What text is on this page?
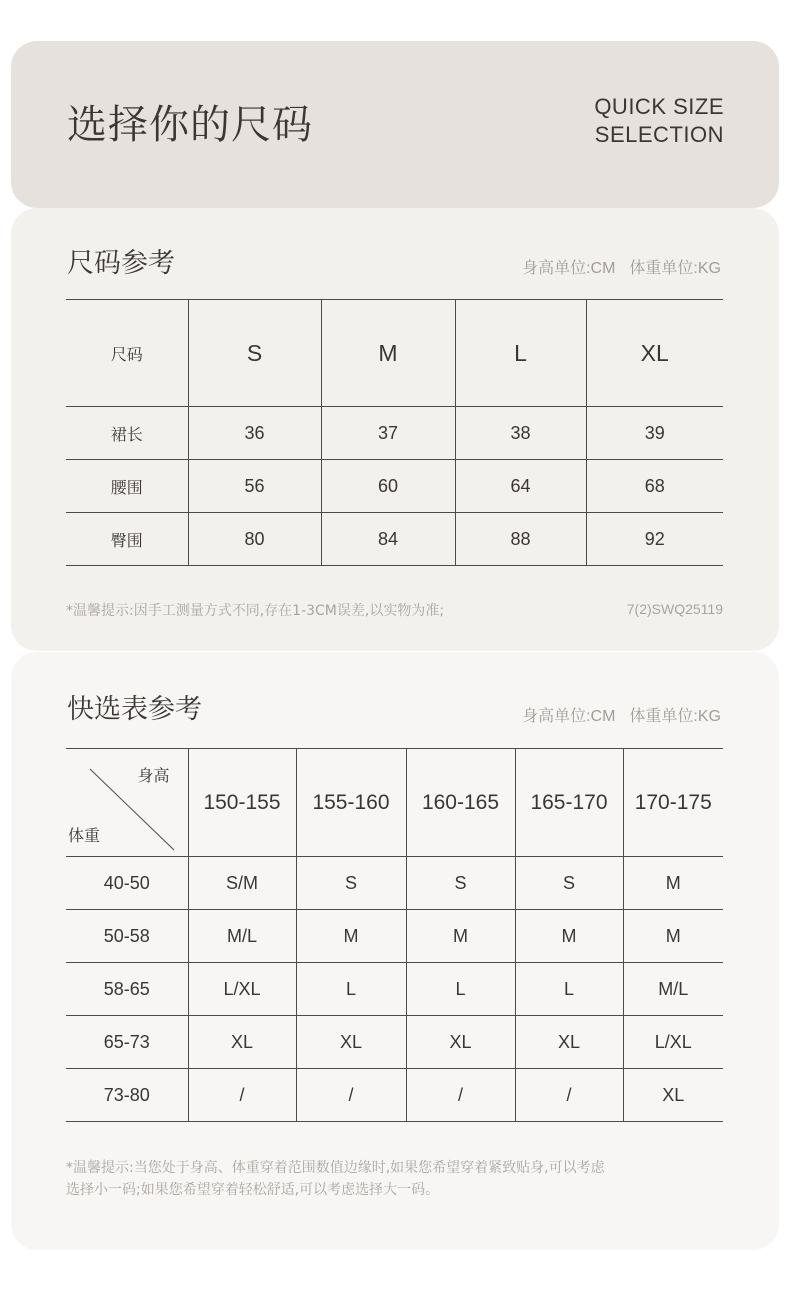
选择你的尺码	QUICK SIZE
SELECTION
尺码参考	身高单位:CM 体重单位:KG
尺码	S	M	L	XL
裙长	36	37	38	39
腰围	56	60	64	68
臀围	80	84	88	92
*温馨提示:因手工测量方式不同,存在1-3CM误差,以实物为准;	7(2)SWQ25119
快选表参考	身高单位:CM 体重单位:KG
身高
体重	150-155	155-160	160-165	165-170	170-175
40-50	S/M	S	S	S	M
50-58	M/L	M	M	M	M
58-65	L/XL	L	L	L	M/L
65-73	XL	XL	XL	XL	L/XL
73-80	/	/	/	/	XL
*温馨提示:当您处于身高、体重穿着范围数值边缘时,如果您希望穿着紧致贴身,可以考虑
选择小一码;如果您希望穿着轻松舒适,可以考虑选择大一码。
